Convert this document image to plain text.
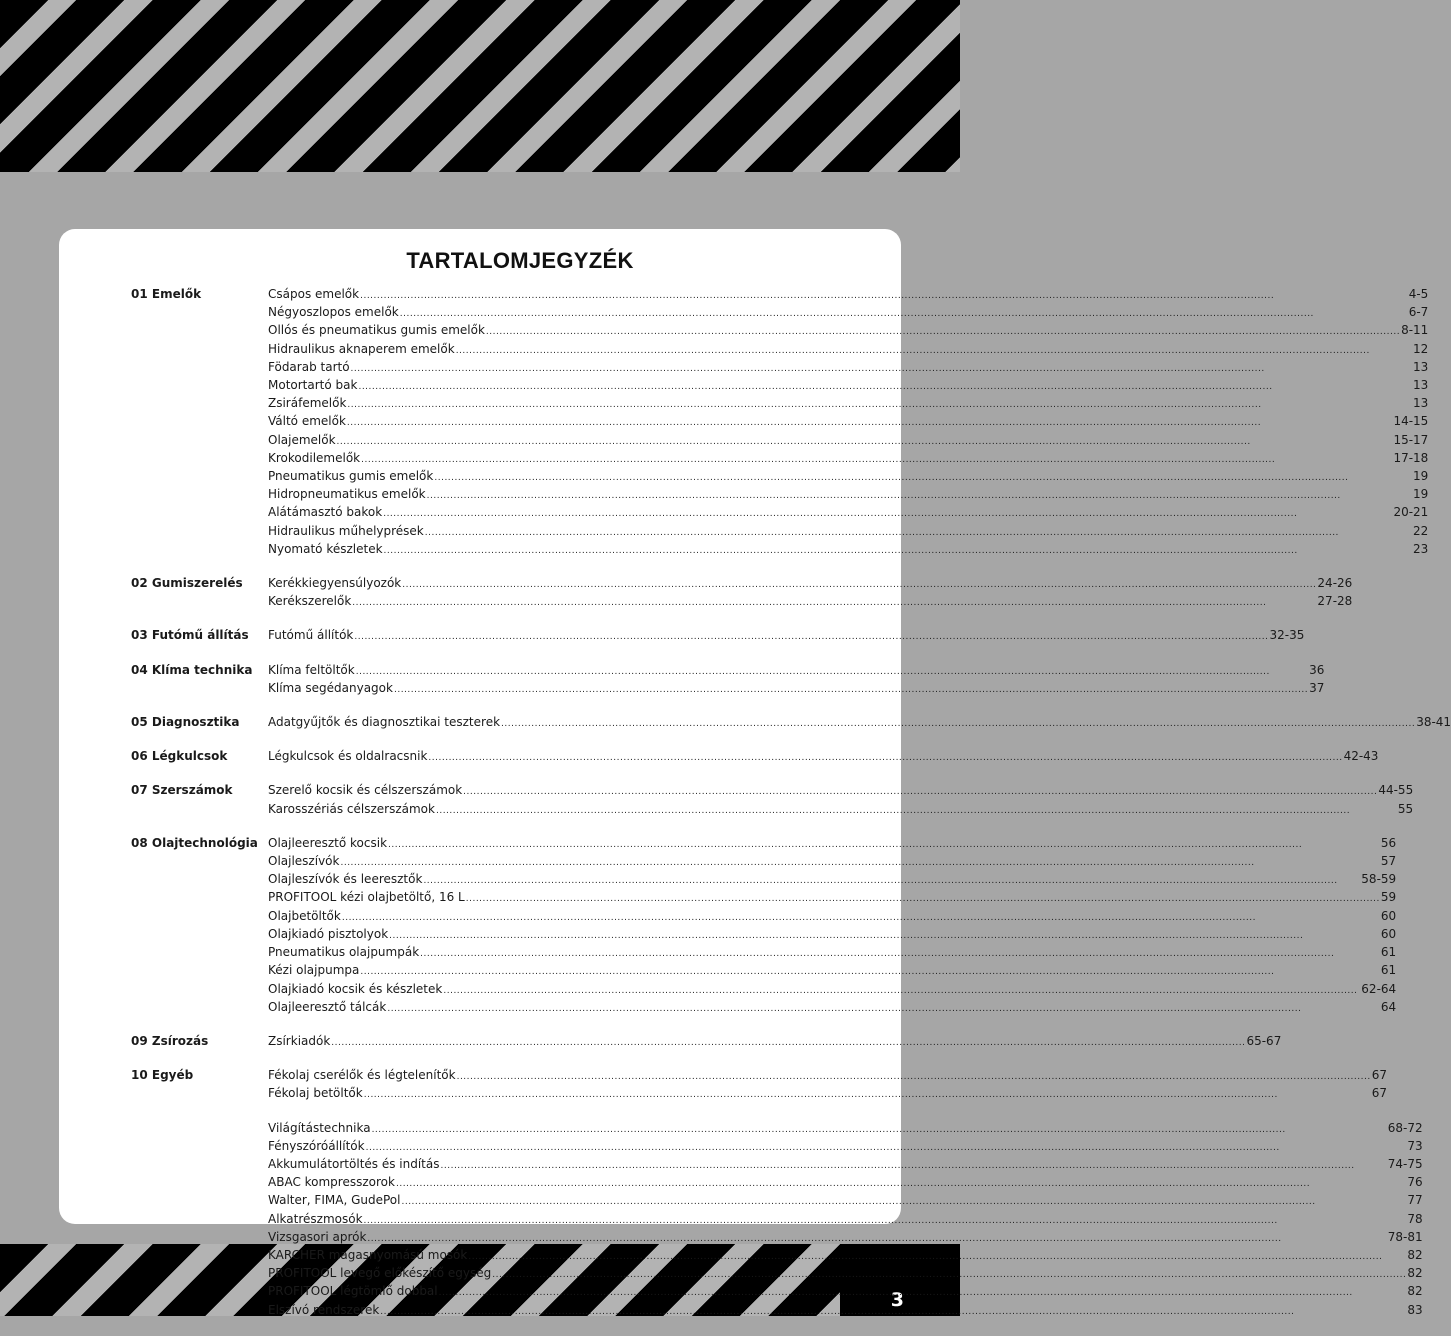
3
TARTALOMJEGYZÉK
01 Emelők	Csápos emelők .....	4-5
Négyoszlopos emelők .....	6-7
Ollós és pneumatikus gumis emelők .....	8-11
Hidraulikus aknaperem emelők .....	12
Födarab tartó .....	13
Motortartó bak .....	13
Zsiráfemelők .....	13
Váltó emelők .....	14-15
Olajemelők .....	15-17
Krokodilemelők .....	17-18
Pneumatikus gumis emelők .....	19
Hidropneumatikus emelők .....	19
Alátámasztó bakok .....	20-21
Hidraulikus műhelyprések .....	22
Nyomató készletek .....	23
02 Gumiszerelés	Kerékkiegyensúlyozók .....	24-26
Kerékszerelők .....	27-28
03 Futómű állítás	Futómű állítók .....	32-35
04 Klíma technika	Klíma feltöltők .....	36
Klíma segédanyagok .....	37
05 Diagnosztika	Adatgyűjtők és diagnosztikai teszterek .....	38-41
06 Légkulcsok	Légkulcsok és oldalracsnik .....	42-43
07 Szerszámok	Szerelő kocsik és célszerszámok .....	44-55
Karosszériás célszerszámok .....	55
08 Olajtechnológia Olajleeresztő kocsik .....	56
Olajleszívók .....	57
Olajleszívók és leeresztők .....	58-59
PROFITOOL kézi olajbetöltő, 16 L .....	59
Olajbetöltők .....	60
Olajkiadó pisztolyok .....	60
Pneumatikus olajpumpák .....	61
Kézi olajpumpa .....	61
Olajkiadó kocsik és készletek .....	62-64
Olajleeresztő tálcák .....	64
09 Zsírozás	Zsírkiadók .....	65-67
10 Egyéb	Fékolaj cserélők és légtelenítők .....	67
Fékolaj betöltők .....	67
Világítástechnika .....	68-72
Fényszóróállítók .....	73
Akkumulátortöltés és indítás .....	74-75
ABAC kompresszorok .....	76
Walter, FIMA, GudePol .....	77
Alkatrészmosók .....	78
Vizsgasori aprók .....	78-81
KARCHER magasnyomású mosók .....	82
PROFITOOL levegő előkészítő egység .....	82
PROFITOOL légtömlő dobbal .....	82
Elszívó rendszerek .....	83
